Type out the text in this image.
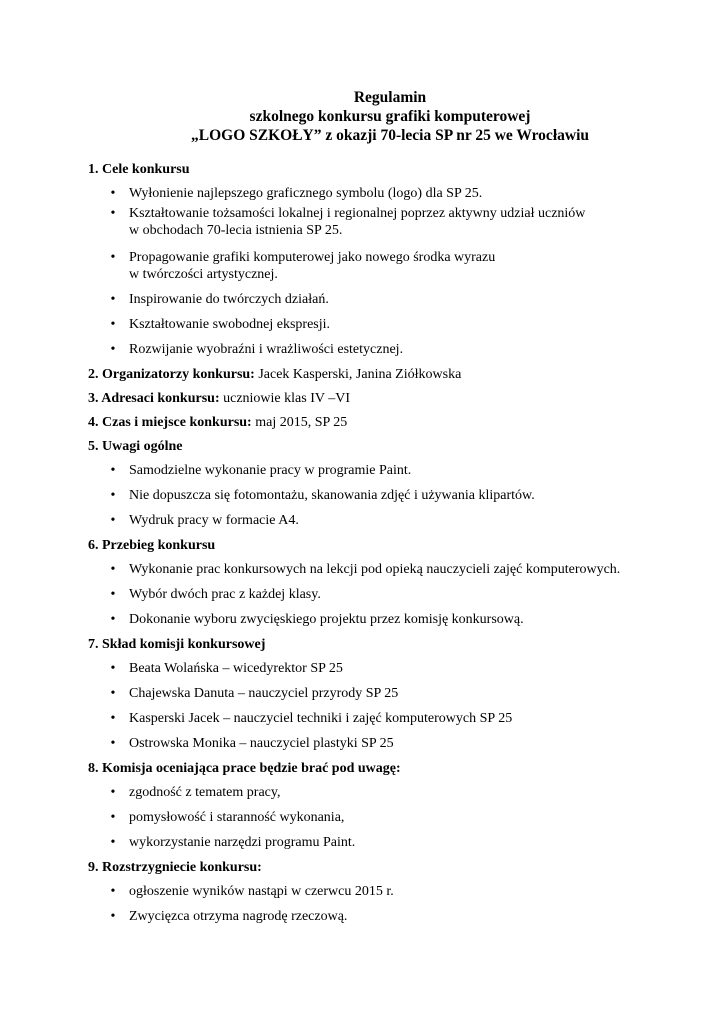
Regulamin
szkolnego konkursu grafiki komputerowej
„LOGO SZKOŁY” z okazji 70-lecia SP nr 25 we Wrocławiu
1. Cele konkursu
• Wyłonienie najlepszego graficznego symbolu (logo) dla SP 25.
• Kształtowanie tożsamości lokalnej i regionalnej poprzez aktywny udział uczniów
w obchodach 70-lecia istnienia SP 25.
• Propagowanie grafiki komputerowej jako nowego środka wyrazu
w twórczości artystycznej.
• Inspirowanie do twórczych działań.
• Kształtowanie swobodnej ekspresji.
• Rozwijanie wyobraźni i wrażliwości estetycznej.
2. Organizatorzy konkursu: Jacek Kasperski, Janina Ziółkowska
3. Adresaci konkursu: uczniowie klas IV –VI
4. Czas i miejsce konkursu: maj 2015, SP 25
5. Uwagi ogólne
• Samodzielne wykonanie pracy w programie Paint.
• Nie dopuszcza się fotomontażu, skanowania zdjęć i używania klipartów.
• Wydruk pracy w formacie A4.
6. Przebieg konkursu
• Wykonanie prac konkursowych na lekcji pod opieką nauczycieli zajęć komputerowych.
• Wybór dwóch prac z każdej klasy.
• Dokonanie wyboru zwycięskiego projektu przez komisję konkursową.
7. Skład komisji konkursowej
• Beata Wolańska – wicedyrektor SP 25
• Chajewska Danuta – nauczyciel przyrody SP 25
• Kasperski Jacek – nauczyciel techniki i zajęć komputerowych SP 25
• Ostrowska Monika – nauczyciel plastyki SP 25
8. Komisja oceniająca prace będzie brać pod uwagę:
• zgodność z tematem pracy,
• pomysłowość i staranność wykonania,
• wykorzystanie narzędzi programu Paint.
9. Rozstrzygniecie konkursu:
• ogłoszenie wyników nastąpi w czerwcu 2015 r.
• Zwycięzca otrzyma nagrodę rzeczową.
